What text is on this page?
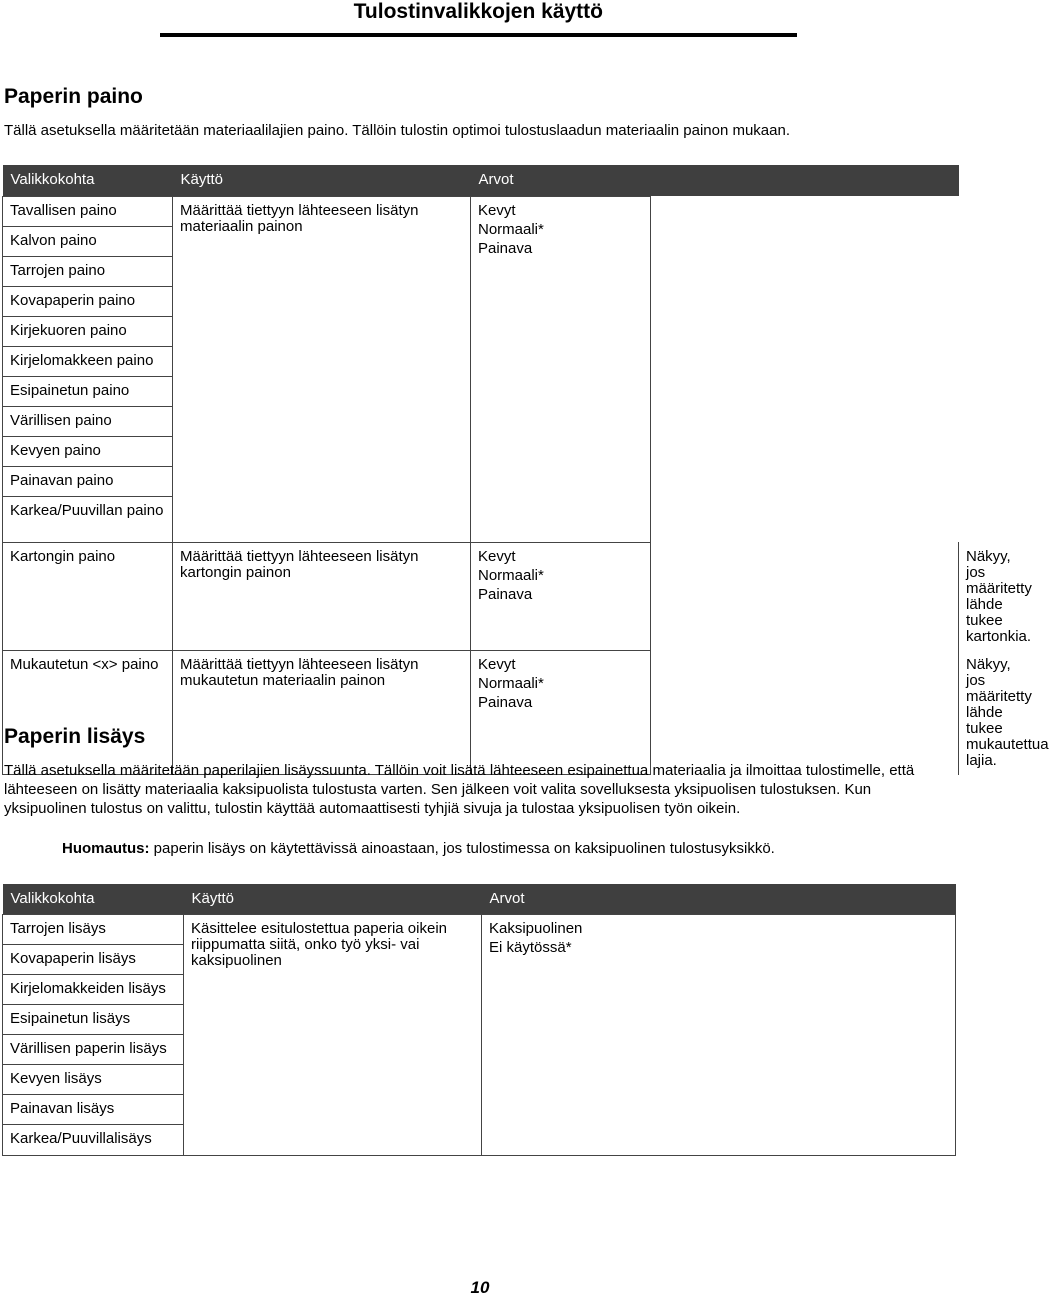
Tulostinvalikkojen käyttö
Paperin paino

Tällä asetuksella määritetään materiaalilajien paino. Tällöin tulostin optimoi tulostuslaadun materiaalin painon mukaan.

Valikkokohta	Käyttö	Arvot		
Tavallisen paino	Määrittää tiettyyn lähteeseen lisätyn materiaalin painon	Kevyt
Normaali*
Painava		

Kalvon paino				
Tarrojen paino				
Kovapaperin paino				
Kirjekuoren paino				
Kirjelomakkeen paino				
Esipainetun paino				
Värillisen paino				
Kevyen paino				
Painavan paino				
Karkea/Puuvillan paino				
Kartongin paino	Määrittää tiettyyn lähteeseen lisätyn kartongin painon	Kevyt
Normaali*
Painava		Näkyy, jos määritetty lähde tukee kartonkia.
Mukautetun <x> paino	Määrittää tiettyyn lähteeseen lisätyn mukautetun materiaalin painon	Kevyt
Normaali*
Painava		Näkyy, jos määritetty lähde tukee mukautettua lajia.
Paperin lisäys

Tällä asetuksella määritetään paperilajien lisäyssuunta. Tällöin voit lisätä lähteeseen esipainettua materiaalia ja ilmoittaa tulostimelle, että lähteeseen on lisätty materiaalia kaksipuolista tulostusta varten. Sen jälkeen voit valita sovelluksesta yksipuolisen tulostuksen. Kun yksipuolinen tulostus on valittu, tulostin käyttää automaattisesti tyhjiä sivuja ja tulostaa yksipuolisen työn oikein.

Huomautus: paperin lisäys on käytettävissä ainoastaan, jos tulostimessa on kaksipuolinen tulostusyksikkö.

Valikkokohta	Käyttö	Arvot
Tarrojen lisäys	Käsittelee esitulostettua paperia oikein riippumatta siitä, onko työ yksi- vai kaksipuolinen	Kaksipuolinen
Ei käytössä*

Kovapaperin lisäys		
Kirjelomakkeiden lisäys		
Esipainetun lisäys		
Värillisen paperin lisäys		
Kevyen lisäys		
Painavan lisäys		
Karkea/Puuvillalisäys		
10
